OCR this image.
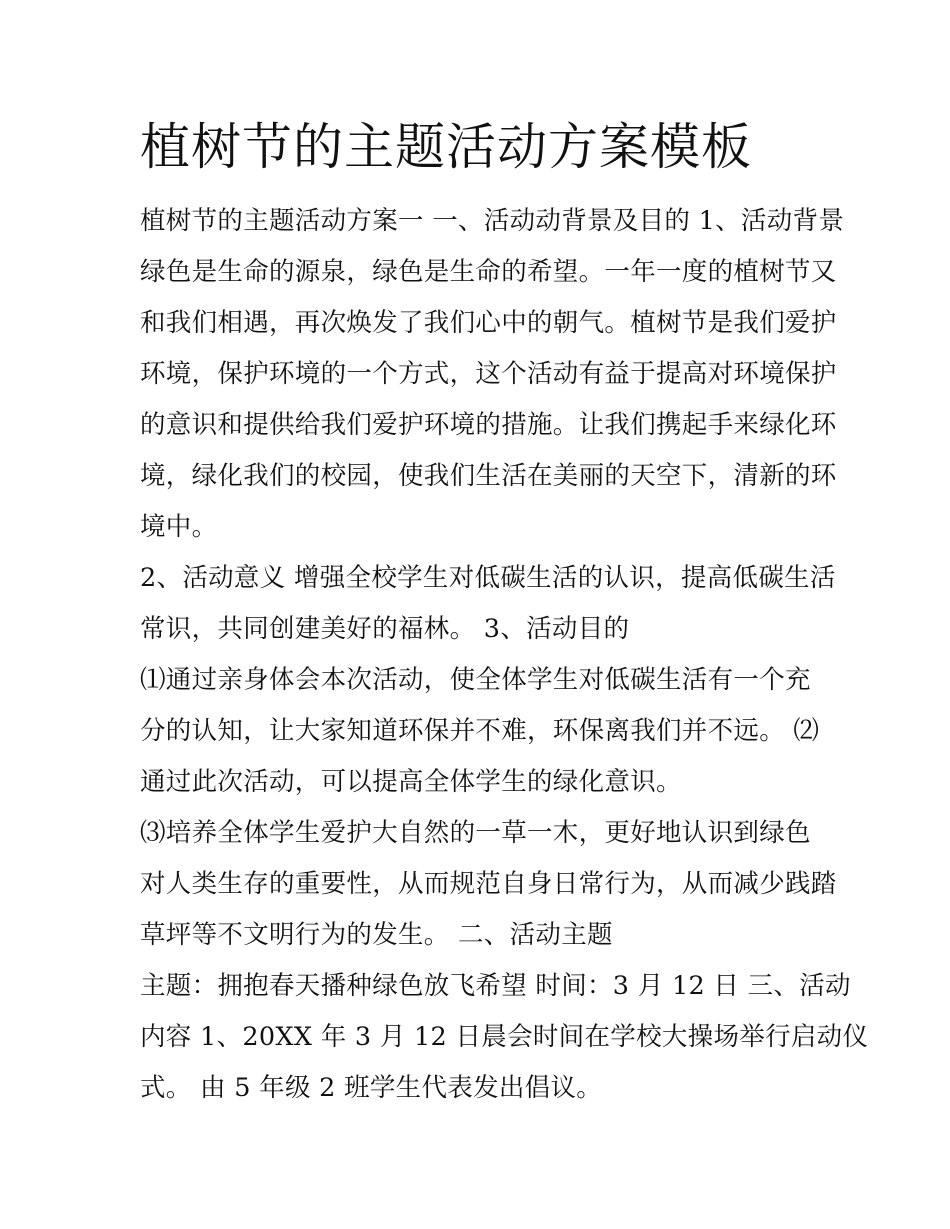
植树节的主题活动方案模板
植树节的主题活动方案一 一、活动动背景及目的 1、活动背景
绿色是生命的源泉，绿色是生命的希望。一年一度的植树节又
和我们相遇，再次焕发了我们心中的朝气。植树节是我们爱护
环境，保护环境的一个方式，这个活动有益于提高对环境保护
的意识和提供给我们爱护环境的措施。让我们携起手来绿化环
境，绿化我们的校园，使我们生活在美丽的天空下，清新的环
境中。
2、活动意义 增强全校学生对低碳生活的认识，提高低碳生活
常识，共同创建美好的福林。 3、活动目的
⑴通过亲身体会本次活动，使全体学生对低碳生活有一个充
分的认知，让大家知道环保并不难，环保离我们并不远。 ⑵
通过此次活动，可以提高全体学生的绿化意识。
⑶培养全体学生爱护大自然的一草一木，更好地认识到绿色
对人类生存的重要性，从而规范自身日常行为，从而减少践踏
草坪等不文明行为的发生。 二、活动主题
主题：拥抱春天播种绿色放飞希望 时间：3 月 12 日 三、活动
内容 1、20XX 年 3 月 12 日晨会时间在学校大操场举行启动仪
式。 由 5 年级 2 班学生代表发出倡议。
